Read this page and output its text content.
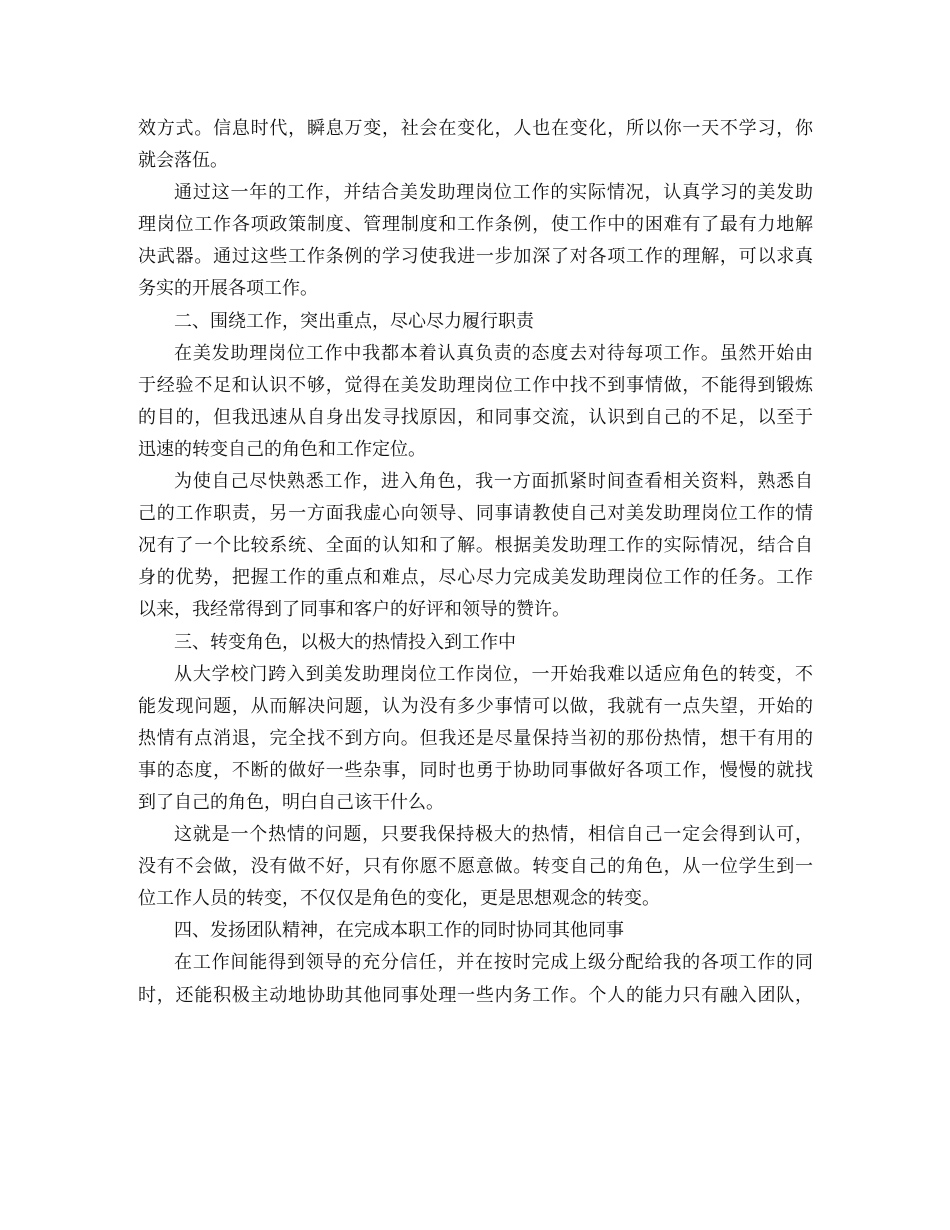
效方式。信息时代，瞬息万变，社会在变化，人也在变化，所以你一天不学习，你
就会落伍。
通过这一年的工作，并结合美发助理岗位工作的实际情况，认真学习的美发助
理岗位工作各项政策制度、管理制度和工作条例，使工作中的困难有了最有力地解
决武器。通过这些工作条例的学习使我进一步加深了对各项工作的理解，可以求真
务实的开展各项工作。
二、围绕工作，突出重点，尽心尽力履行职责
在美发助理岗位工作中我都本着认真负责的态度去对待每项工作。虽然开始由
于经验不足和认识不够，觉得在美发助理岗位工作中找不到事情做，不能得到锻炼
的目的，但我迅速从自身出发寻找原因，和同事交流，认识到自己的不足，以至于
迅速的转变自己的角色和工作定位。
为使自己尽快熟悉工作，进入角色，我一方面抓紧时间查看相关资料，熟悉自
己的工作职责，另一方面我虚心向领导、同事请教使自己对美发助理岗位工作的情
况有了一个比较系统、全面的认知和了解。根据美发助理工作的实际情况，结合自
身的优势，把握工作的重点和难点，尽心尽力完成美发助理岗位工作的任务。工作
以来，我经常得到了同事和客户的好评和领导的赞许。
三、转变角色，以极大的热情投入到工作中
从大学校门跨入到美发助理岗位工作岗位，一开始我难以适应角色的转变，不
能发现问题，从而解决问题，认为没有多少事情可以做，我就有一点失望，开始的
热情有点消退，完全找不到方向。但我还是尽量保持当初的那份热情，想干有用的
事的态度，不断的做好一些杂事，同时也勇于协助同事做好各项工作，慢慢的就找
到了自己的角色，明白自己该干什么。
这就是一个热情的问题，只要我保持极大的热情，相信自己一定会得到认可，
没有不会做，没有做不好，只有你愿不愿意做。转变自己的角色，从一位学生到一
位工作人员的转变，不仅仅是角色的变化，更是思想观念的转变。
四、发扬团队精神，在完成本职工作的同时协同其他同事
在工作间能得到领导的充分信任，并在按时完成上级分配给我的各项工作的同
时，还能积极主动地协助其他同事处理一些内务工作。个人的能力只有融入团队，
